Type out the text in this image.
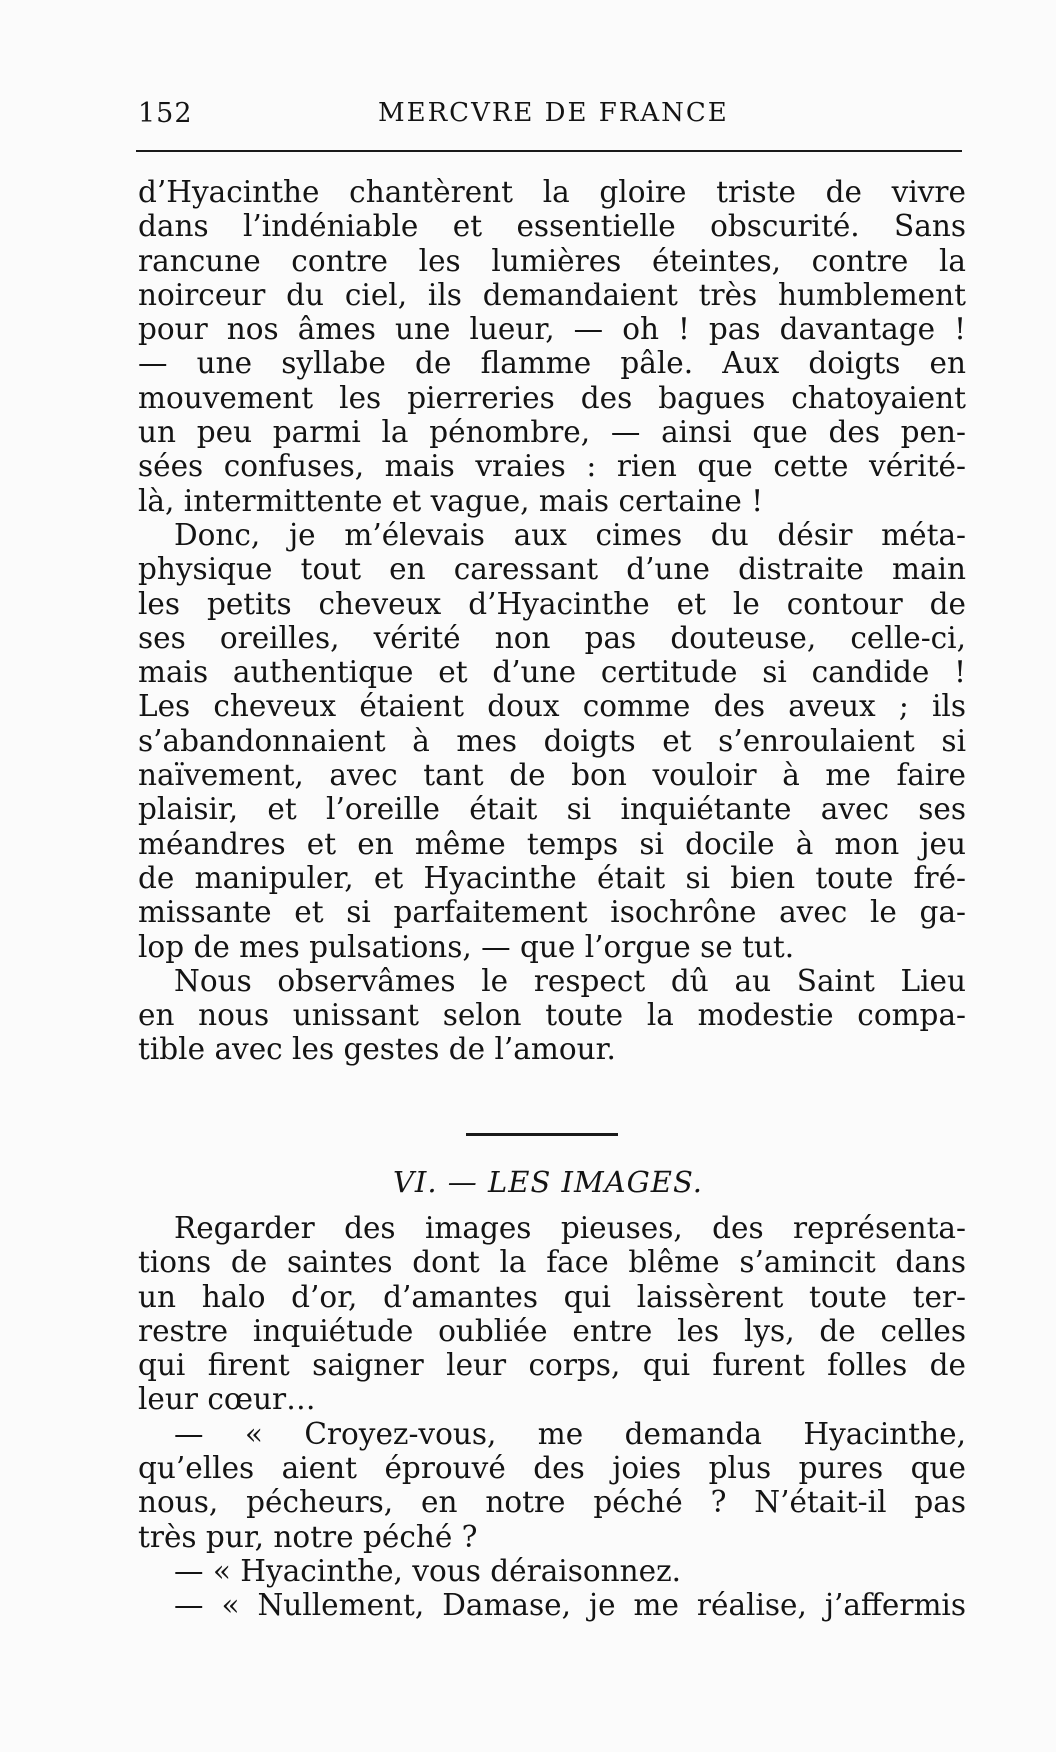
152	MERCVRE DE FRANCE
d’Hyacinthe chantèrent la gloire triste de vivre
dans l’indéniable et essentielle obscurité. Sans
rancune contre les lumières éteintes, contre la
noirceur du ciel, ils demandaient très humblement
pour nos âmes une lueur, — oh ! pas davantage !
— une syllabe de flamme pâle. Aux doigts en
mouvement les pierreries des bagues chatoyaient
un peu parmi la pénombre, — ainsi que des pen-
sées confuses, mais vraies : rien que cette vérité-
là, intermittente et vague, mais certaine !
Donc, je m’élevais aux cimes du désir méta-
physique tout en caressant d’une distraite main
les petits cheveux d’Hyacinthe et le contour de
ses oreilles, vérité non pas douteuse, celle-ci,
mais authentique et d’une certitude si candide !
Les cheveux étaient doux comme des aveux ; ils
s’abandonnaient à mes doigts et s’enroulaient si
naïvement, avec tant de bon vouloir à me faire
plaisir, et l’oreille était si inquiétante avec ses
méandres et en même temps si docile à mon jeu
de manipuler, et Hyacinthe était si bien toute fré-
missante et si parfaitement isochrône avec le ga-
lop de mes pulsations, — que l’orgue se tut.
Nous observâmes le respect dû au Saint Lieu
en nous unissant selon toute la modestie compa-
tible avec les gestes de l’amour.
VI. — LES IMAGES.
Regarder des images pieuses, des représenta-
tions de saintes dont la face blême s’amincit dans
un halo d’or, d’amantes qui laissèrent toute ter-
restre inquiétude oubliée entre les lys, de celles
qui firent saigner leur corps, qui furent folles de
leur cœur…
— « Croyez-vous, me demanda Hyacinthe,
qu’elles aient éprouvé des joies plus pures que
nous, pécheurs, en notre péché ? N’était-il pas
très pur, notre péché ?
— « Hyacinthe, vous déraisonnez.
— « Nullement, Damase, je me réalise, j’affermis
